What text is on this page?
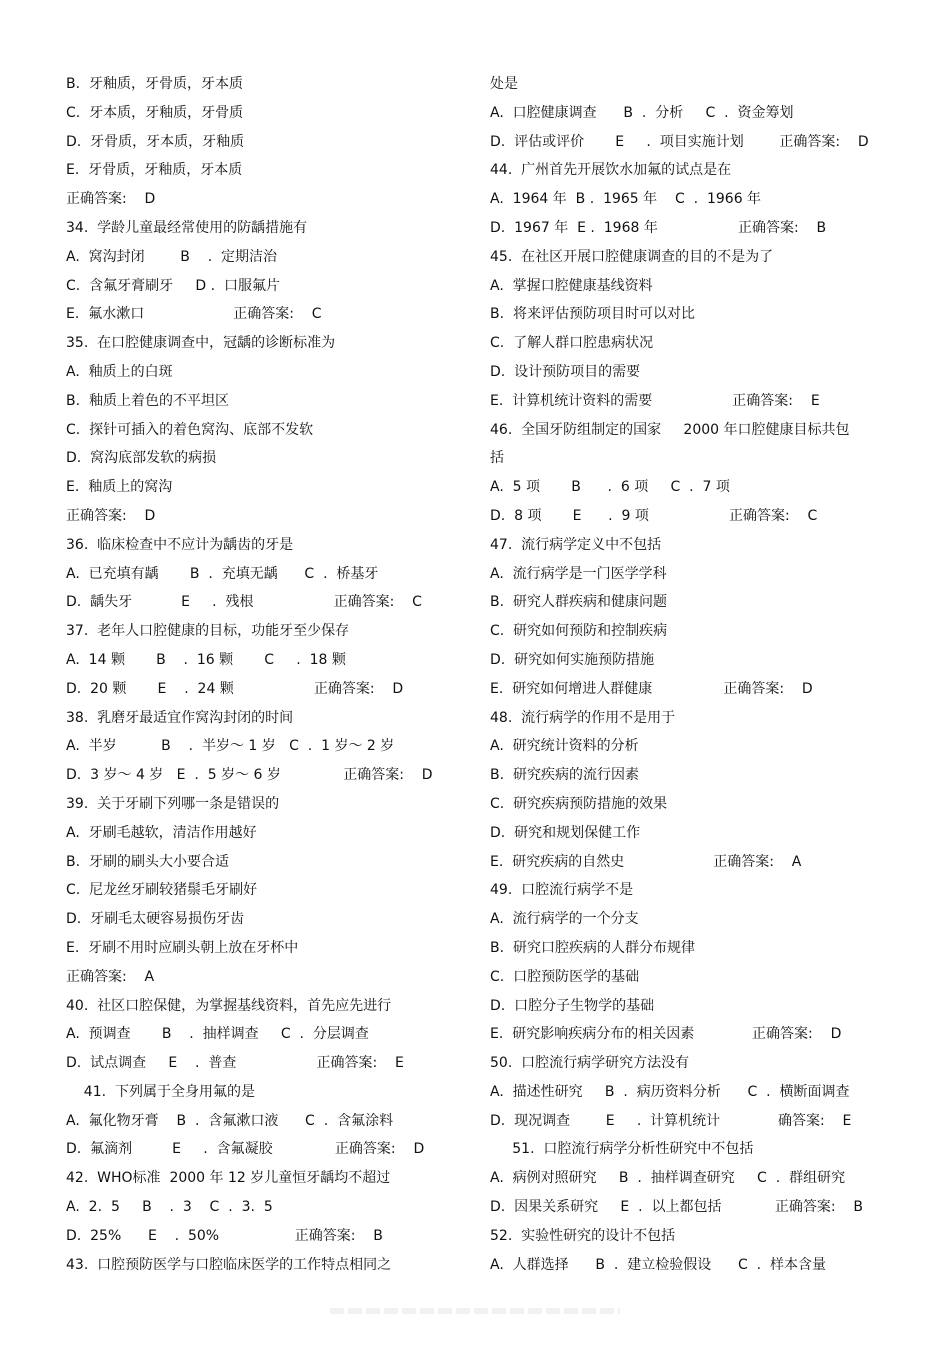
B.  牙釉质，牙骨质，牙本质
C.  牙本质，牙釉质，牙骨质
D.  牙骨质，牙本质，牙釉质
E.  牙骨质，牙釉质，牙本质
正确答案:    D
34.  学龄儿童最经常使用的防龋措施有
A.  窝沟封闭        B    .  定期洁治
C.  含氟牙膏刷牙     D .  口服氟片
E.  氟水漱口                    正确答案:    C
35.  在口腔健康调查中，冠龋的诊断标准为
A.  釉质上的白斑
B.  釉质上着色的不平坦区
C.  探针可插入的着色窝沟、底部不发软
D.  窝沟底部发软的病损
E.  釉质上的窝沟
正确答案:    D
36.  临床检查中不应计为龋齿的牙是
A.  已充填有龋       B  .  充填无龋      C  .  桥基牙
D.  龋失牙           E     .  残根                  正确答案:    C
37.  老年人口腔健康的目标，功能牙至少保存
A.  14 颗       B    .  16 颗       C     .  18 颗
D.  20 颗       E    .  24 颗                  正确答案:    D
38.  乳磨牙最适宜作窝沟封闭的时间
A.  半岁          B    .  半岁～ 1 岁   C  .  1 岁～ 2 岁
D.  3 岁～ 4 岁   E  .  5 岁～ 6 岁              正确答案:    D
39.  关于牙刷下列哪一条是错误的
A.  牙刷毛越软，清洁作用越好
B.  牙刷的刷头大小要合适
C.  尼龙丝牙刷较猪鬃毛牙刷好
D.  牙刷毛太硬容易损伤牙齿
E.  牙刷不用时应刷头朝上放在牙杯中
正确答案:    A
40.  社区口腔保健，为掌握基线资料，首先应先进行
A.  预调查       B    .  抽样调查     C  .  分层调查
D.  试点调查     E    .  普查                  正确答案:    E
41.  下列属于全身用氟的是
A.  氟化物牙膏    B  .  含氟漱口液      C  .  含氟涂料
D.  氟滴剂         E     .  含氟凝胶              正确答案:    D
42.  WHO标准  2000 年 12 岁儿童恒牙龋均不超过
A.  2.  5     B    .  3    C  .  3.  5
D.  25%      E    .  50%                 正确答案:    B
43.  口腔预防医学与口腔临床医学的工作特点相同之
处是
A.  口腔健康调查      B  .  分析     C  .  资金筹划
D.  评估或评价       E     .  项目实施计划        正确答案:    D
44.  广州首先开展饮水加氟的试点是在
A.  1964 年  B .  1965 年    C  .  1966 年
D.  1967 年  E .  1968 年                  正确答案:    B
45.  在社区开展口腔健康调查的目的不是为了
A.  掌握口腔健康基线资料
B.  将来评估预防项目时可以对比
C.  了解人群口腔患病状况
D.  设计预防项目的需要
E.  计算机统计资料的需要                  正确答案:    E
46.  全国牙防组制定的国家     2000 年口腔健康目标共包
括
A.  5 项       B      .  6 项     C  .  7 项
D.  8 项       E      .  9 项                  正确答案:    C
47.  流行病学定义中不包括
A.  流行病学是一门医学学科
B.  研究人群疾病和健康问题
C.  研究如何预防和控制疾病
D.  研究如何实施预防措施
E.  研究如何增进人群健康                正确答案:    D
48.  流行病学的作用不是用于
A.  研究统计资料的分析
B.  研究疾病的流行因素
C.  研究疾病预防措施的效果
D.  研究和规划保健工作
E.  研究疾病的自然史                    正确答案:    A
49.  口腔流行病学不是
A.  流行病学的一个分支
B.  研究口腔疾病的人群分布规律
C.  口腔预防医学的基础
D.  口腔分子生物学的基础
E.  研究影响疾病分布的相关因素             正确答案:    D
50.  口腔流行病学研究方法没有
A.  描述性研究     B  .  病历资料分析      C  .  横断面调查
D.  现况调查        E     .  计算机统计             确答案:    E
51.  口腔流行病学分析性研究中不包括
A.  病例对照研究     B  .  抽样调查研究     C  .  群组研究
D.  因果关系研究     E  .  以上都包括            正确答案:    B
52.  实验性研究的设计不包括
A.  人群选择      B  .  建立检验假设      C  .  样本含量
